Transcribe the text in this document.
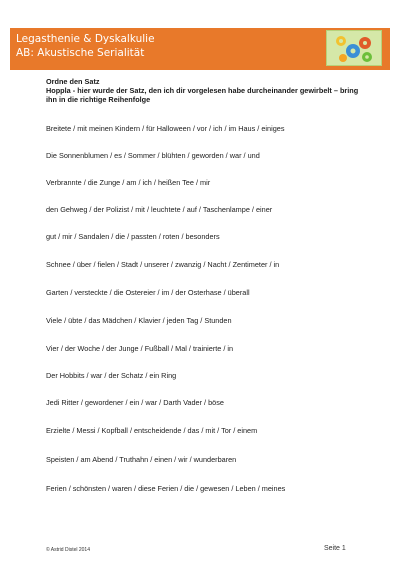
Legasthenie & Dyskalkulie
AB: Akustische Serialität
Ordne den Satz
Hoppla - hier wurde der Satz, den ich dir vorgelesen habe durcheinander gewirbelt – bring ihn in die richtige Reihenfolge
Breitete / mit meinen Kindern / für Halloween / vor / ich / im Haus / einiges
Die Sonnenblumen / es / Sommer / blühten / geworden / war / und
Verbrannte / die Zunge / am / ich / heißen Tee / mir
den Gehweg / der Polizist / mit / leuchtete / auf / Taschenlampe / einer
gut / mir / Sandalen / die / passten / roten / besonders
Schnee / über / fielen / Stadt / unserer / zwanzig / Nacht / Zentimeter / in
Garten / versteckte / die Ostereier / im / der Osterhase / überall
Viele / übte / das Mädchen / Klavier / jeden Tag / Stunden
Vier / der Woche / der Junge / Fußball / Mal / trainierte / in
Der Hobbits / war / der Schatz / ein Ring
Jedi Ritter / gewordener / ein / war / Darth Vader / böse
Erzielte / Messi / Kopfball / entscheidende / das / mit / Tor / einem
Speisten / am Abend / Truthahn / einen / wir / wunderbaren
Ferien / schönsten / waren / diese Ferien / die / gewesen / Leben / meines
© Astrid Distel 2014	Seite 1
